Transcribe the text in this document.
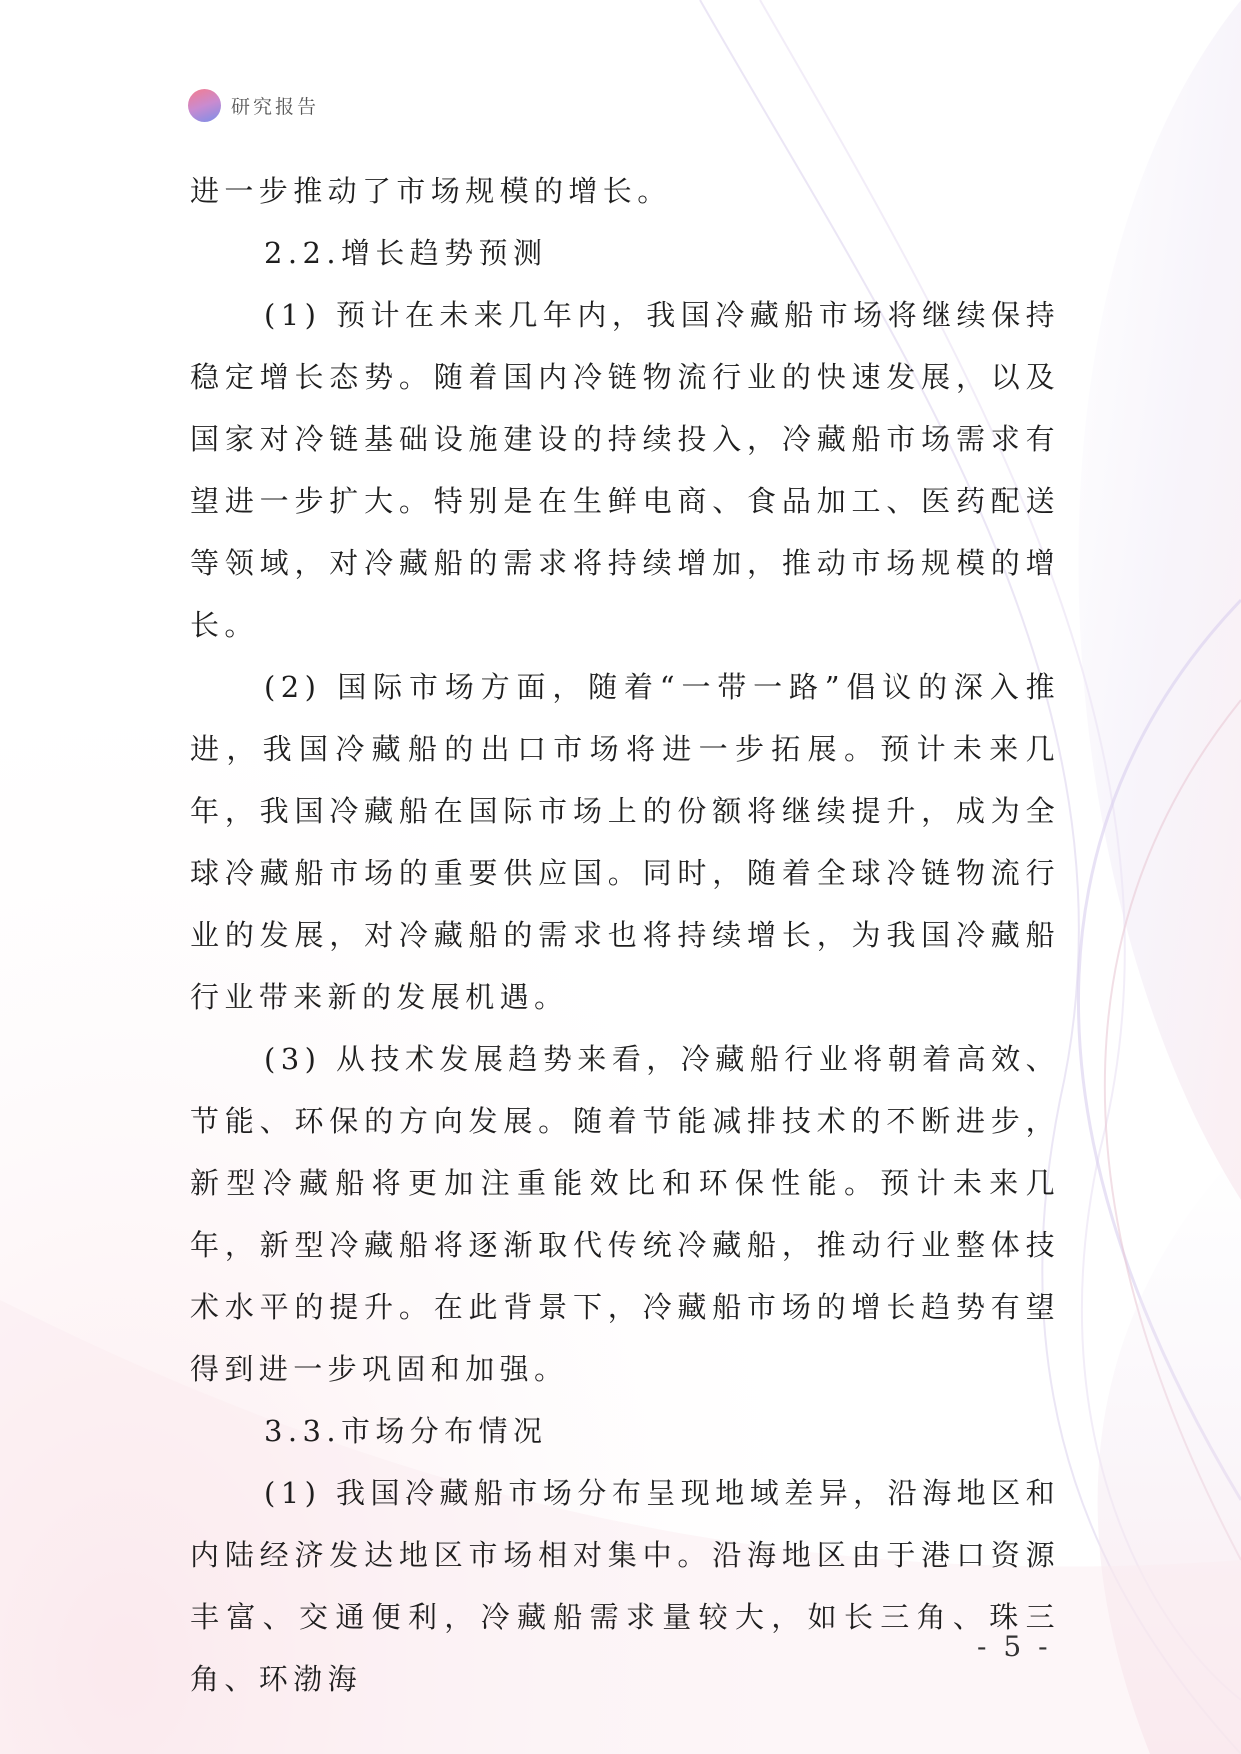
研究报告

进一步推动了市场规模的增长。

2.2.增长趋势预测

(1) 预计在未来几年内，我国冷藏船市场将继续保持稳定增长态势。随着国内冷链物流行业的快速发展，以及国家对冷链基础设施建设的持续投入，冷藏船市场需求有望进一步扩大。特别是在生鲜电商、食品加工、医药配送等领域，对冷藏船的需求将持续增加，推动市场规模的增长。

(2) 国际市场方面，随着“一带一路”倡议的深入推进，我国冷藏船的出口市场将进一步拓展。预计未来几年，我国冷藏船在国际市场上的份额将继续提升，成为全球冷藏船市场的重要供应国。同时，随着全球冷链物流行业的发展，对冷藏船的需求也将持续增长，为我国冷藏船行业带来新的发展机遇。

(3) 从技术发展趋势来看，冷藏船行业将朝着高效、节能、环保的方向发展。随着节能减排技术的不断进步，新型冷藏船将更加注重能效比和环保性能。预计未来几年，新型冷藏船将逐渐取代传统冷藏船，推动行业整体技术水平的提升。在此背景下，冷藏船市场的增长趋势有望得到进一步巩固和加强。

3.3.市场分布情况

(1) 我国冷藏船市场分布呈现地域差异，沿海地区和内陆经济发达地区市场相对集中。沿海地区由于港口资源丰富、交通便利，冷藏船需求量较大，如长三角、珠三角、环渤海

- 5 -
